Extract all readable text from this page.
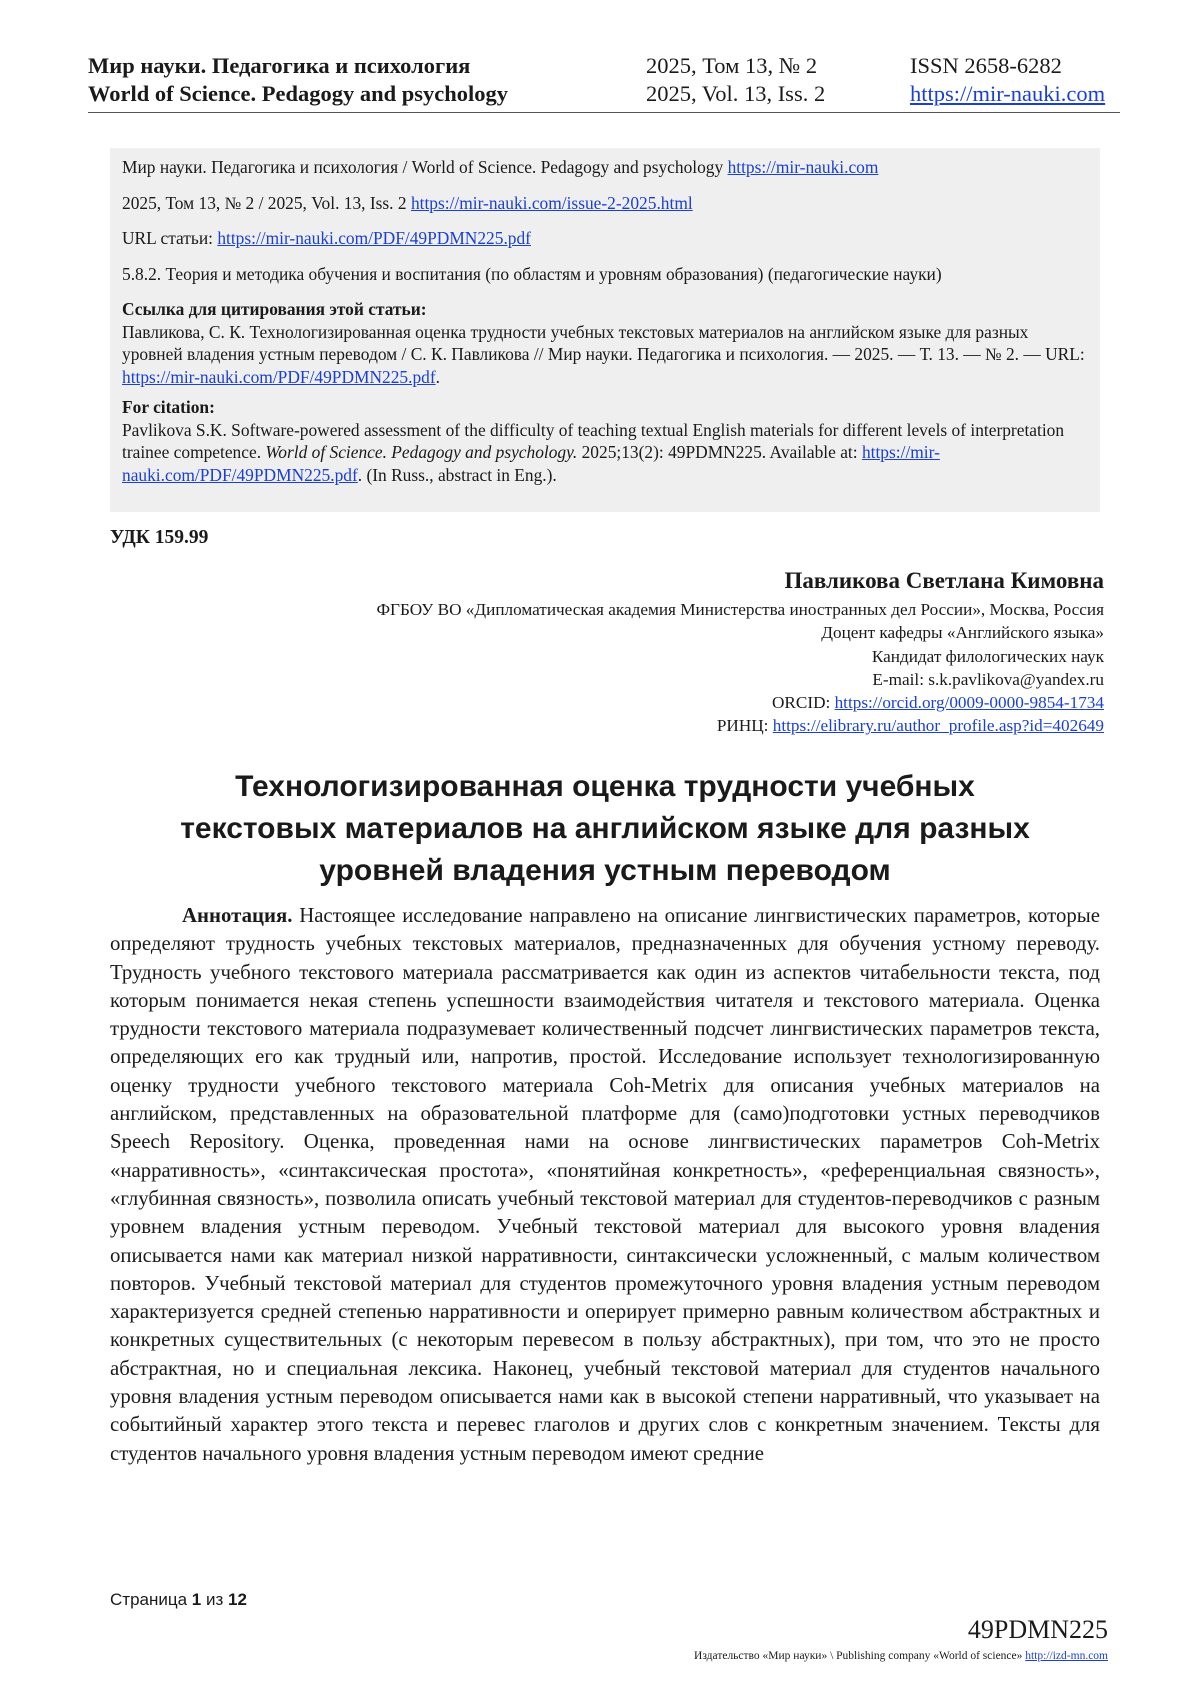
Мир науки. Педагогика и психология
World of Science. Pedagogy and psychology
2025, Том 13, № 2
2025, Vol. 13, Iss. 2
ISSN 2658-6282
https://mir-nauki.com

Мир науки. Педагогика и психология / World of Science. Pedagogy and psychology https://mir-nauki.com

2025, Том 13, № 2 / 2025, Vol. 13, Iss. 2 https://mir-nauki.com/issue-2-2025.html

URL статьи: https://mir-nauki.com/PDF/49PDMN225.pdf

5.8.2. Теория и методика обучения и воспитания (по областям и уровням образования) (педагогические науки)

Ссылка для цитирования этой статьи:

Павликова, С. К. Технологизированная оценка трудности учебных текстовых материалов на английском языке для разных уровней владения устным переводом / С. К. Павликова // Мир науки. Педагогика и психология. — 2025. — Т. 13. — № 2. — URL: https://mir-nauki.com/PDF/49PDMN225.pdf.

For citation:

Pavlikova S.K. Software-powered assessment of the difficulty of teaching textual English materials for different levels of interpretation trainee competence. World of Science. Pedagogy and psychology. 2025;13(2): 49PDMN225. Available at: https://mir-nauki.com/PDF/49PDMN225.pdf. (In Russ., abstract in Eng.).

УДК 159.99
Павликова Светлана Кимовна
ФГБОУ ВО «Дипломатическая академия Министерства иностранных дел России», Москва, Россия
Доцент кафедры «Английского языка»
Кандидат филологических наук
E-mail: s.k.pavlikova@yandex.ru
ORCID: https://orcid.org/0009-0000-9854-1734
РИНЦ: https://elibrary.ru/author_profile.asp?id=402649
Технологизированная оценка трудности учебных
текстовых материалов на английском языке для разных
уровней владения устным переводом

Аннотация. Настоящее исследование направлено на описание лингвистических параметров, которые определяют трудность учебных текстовых материалов, предназначенных для обучения устному переводу. Трудность учебного текстового материала рассматривается как один из аспектов читабельности текста, под которым понимается некая степень успешности взаимодействия читателя и текстового материала. Оценка трудности текстового материала подразумевает количественный подсчет лингвистических параметров текста, определяющих его как трудный или, напротив, простой. Исследование использует технологизированную оценку трудности учебного текстового материала Coh-Metrix для описания учебных материалов на английском, представленных на образовательной платформе для (само)подготовки устных переводчиков Speech Repository. Оценка, проведенная нами на основе лингвистических параметров Coh-Metrix «нарративность», «синтаксическая простота», «понятийная конкретность», «референциальная связность», «глубинная связность», позволила описать учебный текстовой материал для студентов-переводчиков с разным уровнем владения устным переводом. Учебный текстовой материал для высокого уровня владения описывается нами как материал низкой нарративности, синтаксически усложненный, с малым количеством повторов. Учебный текстовой материал для студентов промежуточного уровня владения устным переводом характеризуется средней степенью нарративности и оперирует примерно равным количеством абстрактных и конкретных существительных (с некоторым перевесом в пользу абстрактных), при том, что это не просто абстрактная, но и специальная лексика. Наконец, учебный текстовой материал для студентов начального уровня владения устным переводом описывается нами как в высокой степени нарративный, что указывает на событийный характер этого текста и перевес глаголов и других слов с конкретным значением. Тексты для студентов начального уровня владения устным переводом имеют средние

Страница 1 из 12
49PDMN225
Издательство «Мир науки» \ Publishing company «World of science» http://izd-mn.com
